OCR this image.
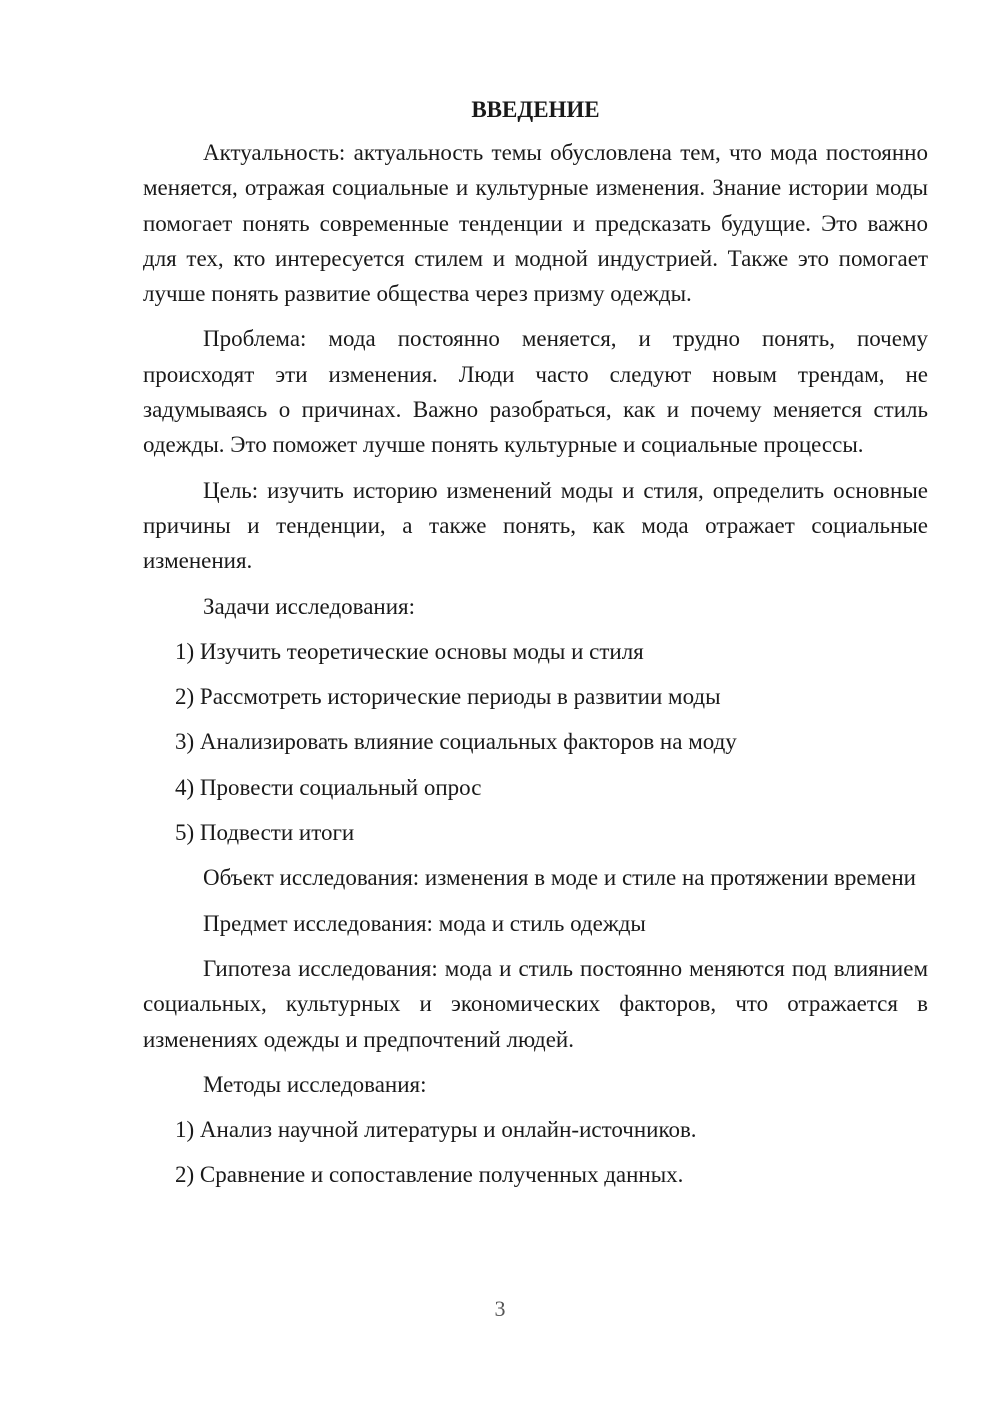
ВВЕДЕНИЕ

Актуальность: актуальность темы обусловлена тем, что мода постоянно меняется, отражая социальные и культурные изменения. Знание истории моды помогает понять современные тенденции и предсказать будущие. Это важно для тех, кто интересуется стилем и модной индустрией. Также это помогает лучше понять развитие общества через призму одежды.

Проблема: мода постоянно меняется, и трудно понять, почему происходят эти изменения. Люди часто следуют новым трендам, не задумываясь о причинах. Важно разобраться, как и почему меняется стиль одежды. Это поможет лучше понять культурные и социальные процессы.

Цель: изучить историю изменений моды и стиля, определить основные причины и тенденции, а также понять, как мода отражает социальные изменения.

Задачи исследования:

1) Изучить теоретические основы моды и стиля

2) Рассмотреть исторические периоды в развитии моды

3) Анализировать влияние социальных факторов на моду

4) Провести социальный опрос

5) Подвести итоги

Объект исследования: изменения в моде и стиле на протяжении времени

Предмет исследования: мода и стиль одежды

Гипотеза исследования: мода и стиль постоянно меняются под влиянием социальных, культурных и экономических факторов, что отражается в изменениях одежды и предпочтений людей.

Методы исследования:

1) Анализ научной литературы и онлайн-источников.

2) Сравнение и сопоставление полученных данных.

3
